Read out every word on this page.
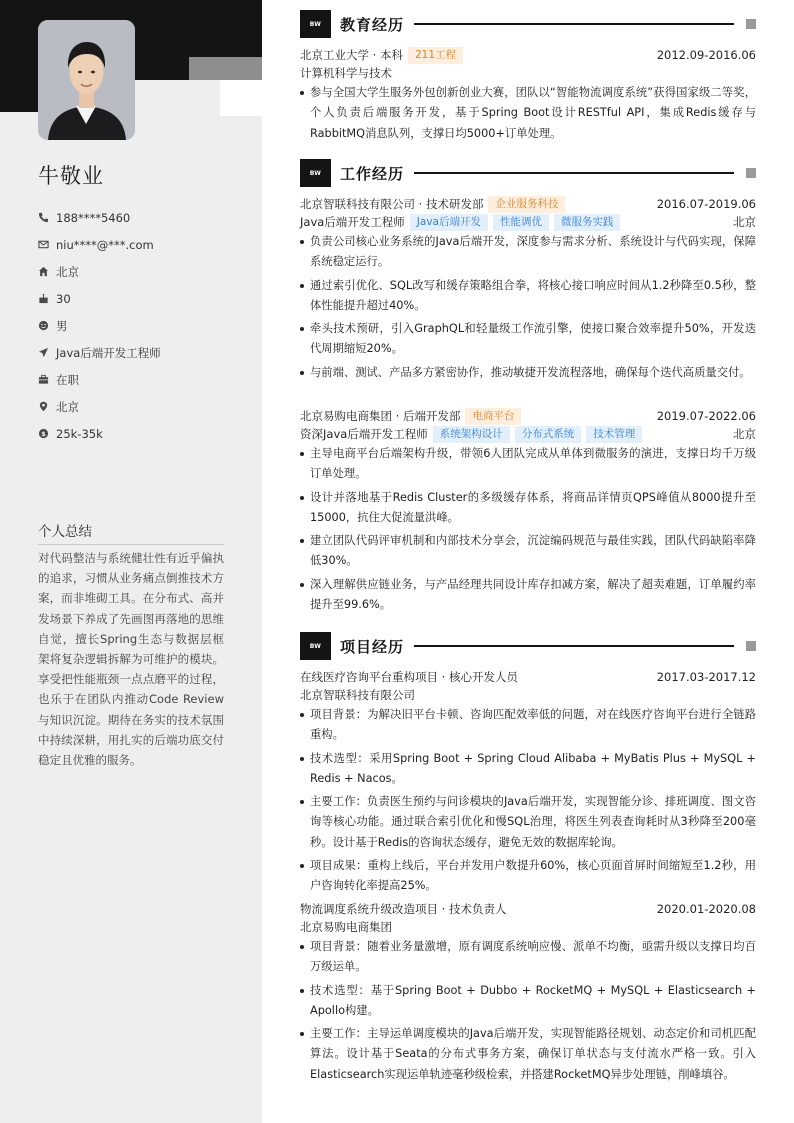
牛敬业
188****5460
niu****@***.com
北京
30
男
Java后端开发工程师
在职
北京
$ 25k-35k
个人总结
对代码整洁与系统健壮性有近乎偏执的追求，习惯从业务痛点倒推技术方案，而非堆砌工具。在分布式、高并发场景下养成了先画图再落地的思维自觉，擅长Spring生态与数据层框架将复杂逻辑拆解为可维护的模块。享受把性能瓶颈一点点磨平的过程，也乐于在团队内推动Code Review与知识沉淀。期待在务实的技术氛围中持续深耕，用扎实的后端功底交付稳定且优雅的服务。
BW	教育经历
北京工业大学 · 本科	211工程	2012.09-2016.06
计算机科学与技术
参与全国大学生服务外包创新创业大赛，团队以“智能物流调度系统”获得国家级二等奖，个人负责后端服务开发，基于Spring Boot设计RESTful API，集成Redis缓存与RabbitMQ消息队列，支撑日均5000+订单处理。
BW	工作经历
北京智联科技有限公司 · 技术研发部	企业服务科技	2016.07-2019.06
Java后端开发工程师	Java后端开发	性能调优	微服务实践	北京
负责公司核心业务系统的Java后端开发，深度参与需求分析、系统设计与代码实现，保障系统稳定运行。
通过索引优化、SQL改写和缓存策略组合拳，将核心接口响应时间从1.2秒降至0.5秒，整体性能提升超过40%。
牵头技术预研，引入GraphQL和轻量级工作流引擎，使接口聚合效率提升50%，开发迭代周期缩短20%。
与前端、测试、产品多方紧密协作，推动敏捷开发流程落地，确保每个迭代高质量交付。
北京易购电商集团 · 后端开发部	电商平台	2019.07-2022.06
资深Java后端开发工程师	系统架构设计	分布式系统	技术管理	北京
主导电商平台后端架构升级，带领6人团队完成从单体到微服务的演进，支撑日均千万级订单处理。
设计并落地基于Redis Cluster的多级缓存体系，将商品详情页QPS峰值从8000提升至15000，抗住大促流量洪峰。
建立团队代码评审机制和内部技术分享会，沉淀编码规范与最佳实践，团队代码缺陷率降低30%。
深入理解供应链业务，与产品经理共同设计库存扣减方案，解决了超卖难题，订单履约率提升至99.6%。
BW	项目经历
在线医疗咨询平台重构项目 · 核心开发人员	2017.03-2017.12
北京智联科技有限公司
项目背景：为解决旧平台卡顿、咨询匹配效率低的问题，对在线医疗咨询平台进行全链路重构。
技术选型：采用Spring Boot + Spring Cloud Alibaba + MyBatis Plus + MySQL + Redis + Nacos。
主要工作：负责医生预约与问诊模块的Java后端开发，实现智能分诊、排班调度、图文咨询等核心功能。通过联合索引优化和慢SQL治理，将医生列表查询耗时从3秒降至200毫秒。设计基于Redis的咨询状态缓存，避免无效的数据库轮询。
项目成果：重构上线后，平台并发用户数提升60%，核心页面首屏时间缩短至1.2秒，用户咨询转化率提高25%。
物流调度系统升级改造项目 · 技术负责人	2020.01-2020.08
北京易购电商集团
项目背景：随着业务量激增，原有调度系统响应慢、派单不均衡，亟需升级以支撑日均百万级运单。
技术选型：基于Spring Boot + Dubbo + RocketMQ + MySQL + Elasticsearch + Apollo构建。
主要工作：主导运单调度模块的Java后端开发，实现智能路径规划、动态定价和司机匹配算法。设计基于Seata的分布式事务方案，确保订单状态与支付流水严格一致。引入Elasticsearch实现运单轨迹毫秒级检索，并搭建RocketMQ异步处理链，削峰填谷。
